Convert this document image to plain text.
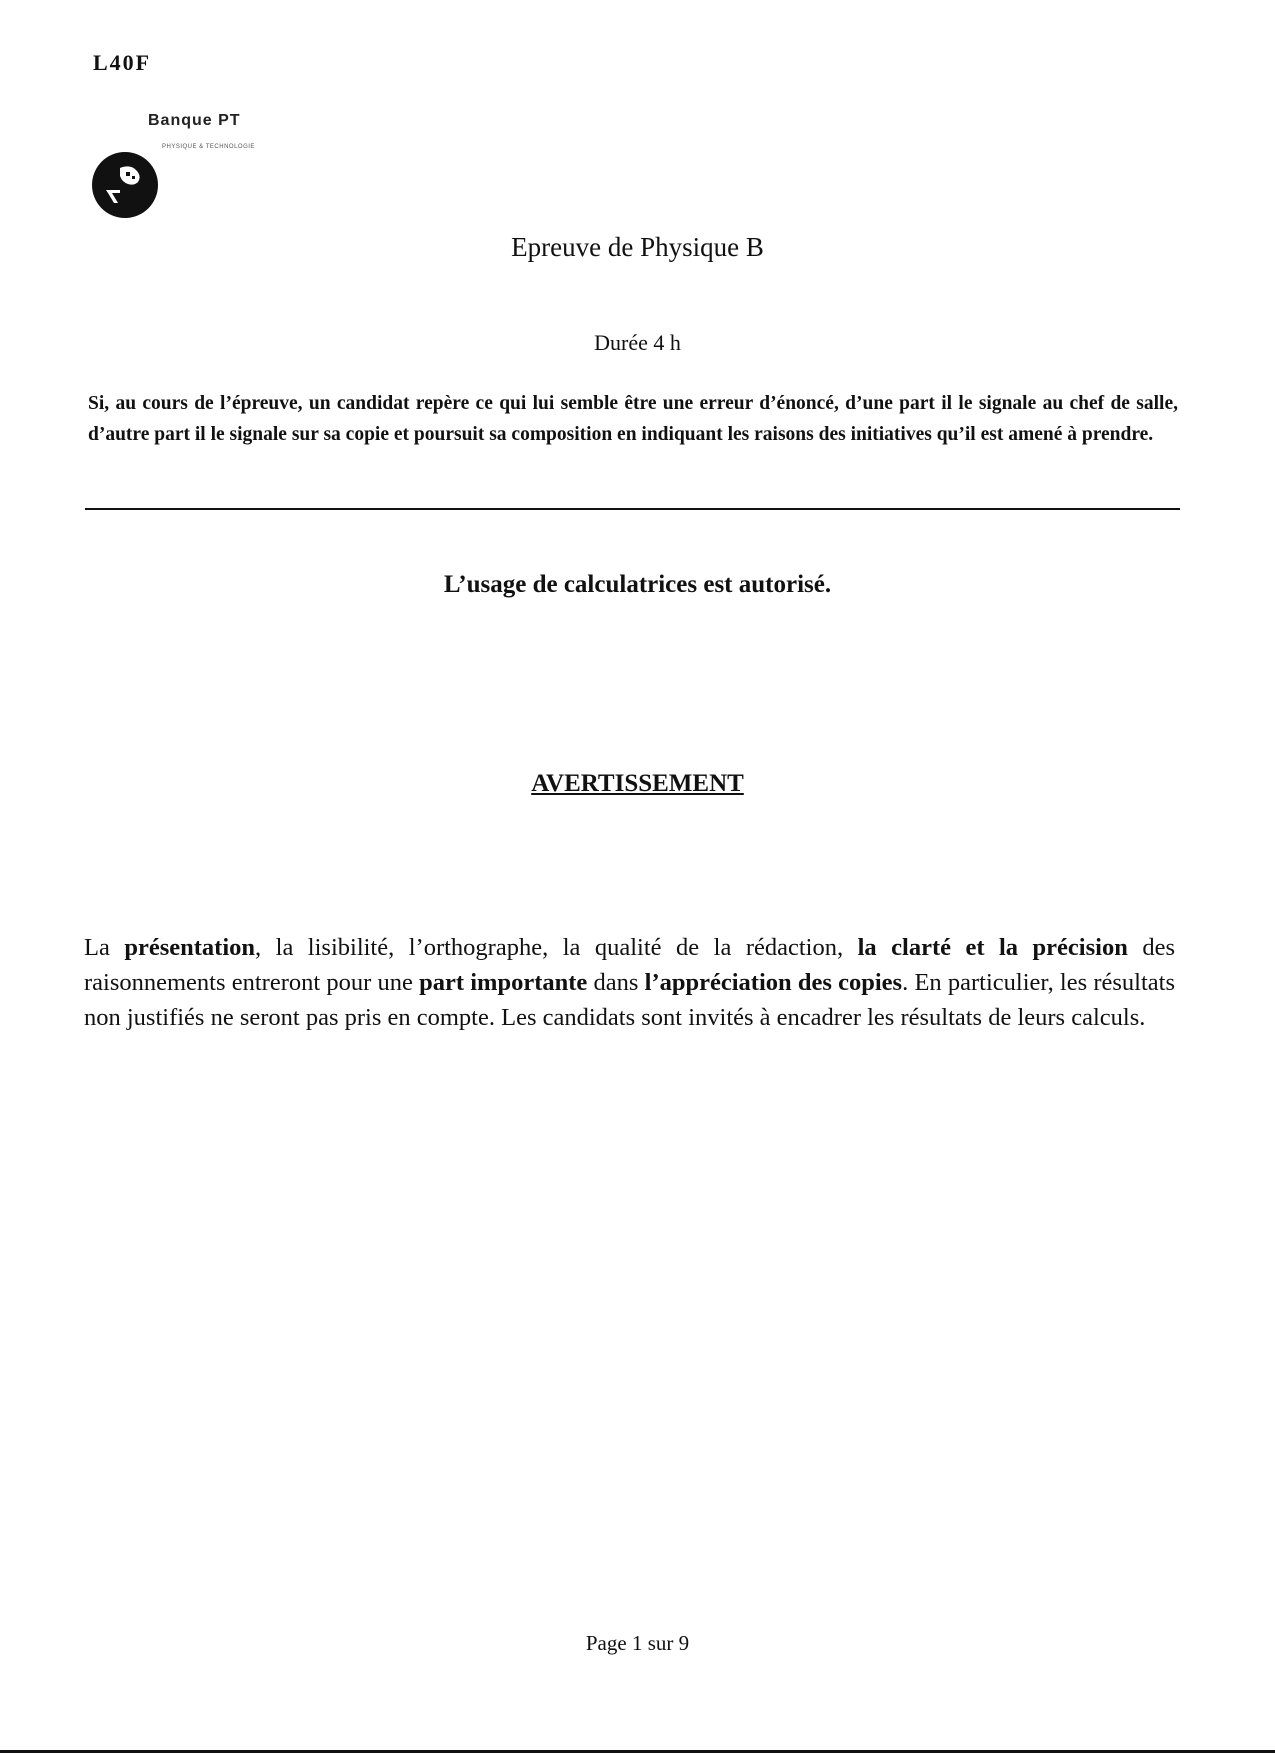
L40F
Banque PT
PHYSIQUE & TECHNOLOGIE
Epreuve de Physique B
Durée 4 h
Si, au cours de l’épreuve, un candidat repère ce qui lui semble être une erreur d’énoncé, d’une part il le signale au chef de salle, d’autre part il le signale sur sa copie et poursuit sa composition en indiquant les raisons des initiatives qu’il est amené à prendre.
L’usage de calculatrices est autorisé.
AVERTISSEMENT
La présentation, la lisibilité, l’orthographe, la qualité de la rédaction, la clarté et la précision des raisonnements entreront pour une part importante dans l’appréciation des copies. En particulier, les résultats non justifiés ne seront pas pris en compte. Les candidats sont invités à encadrer les résultats de leurs calculs.
Page 1 sur 9
